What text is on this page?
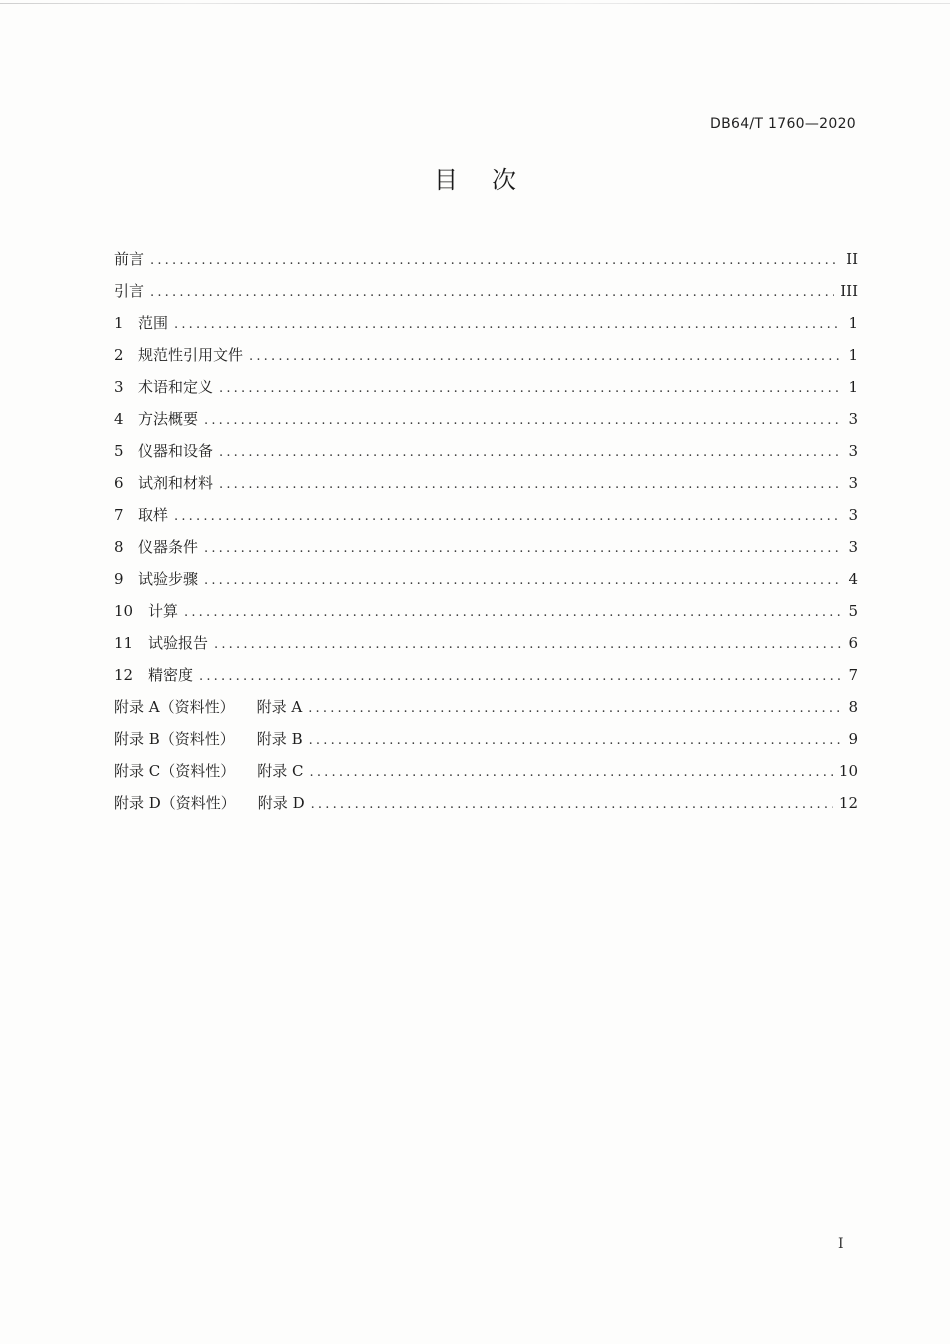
DB64/T 1760—2020
目次
前言 .....	II
引言 .....	III
1 范围 .....	1
2 规范性引用文件 .....	1
3 术语和定义 .....	1
4 方法概要 .....	3
5 仪器和设备 .....	3
6 试剂和材料 .....	3
7 取样 .....	3
8 仪器条件 .....	3
9 试验步骤 .....	4
10 计算 .....	5
11 试验报告 .....	6
12 精密度 .....	7
附录 A（资料性） 附录 A .....	8
附录 B（资料性） 附录 B .....	9
附录 C（资料性） 附录 C .....	10
附录 D（资料性） 附录 D .....	12
I
